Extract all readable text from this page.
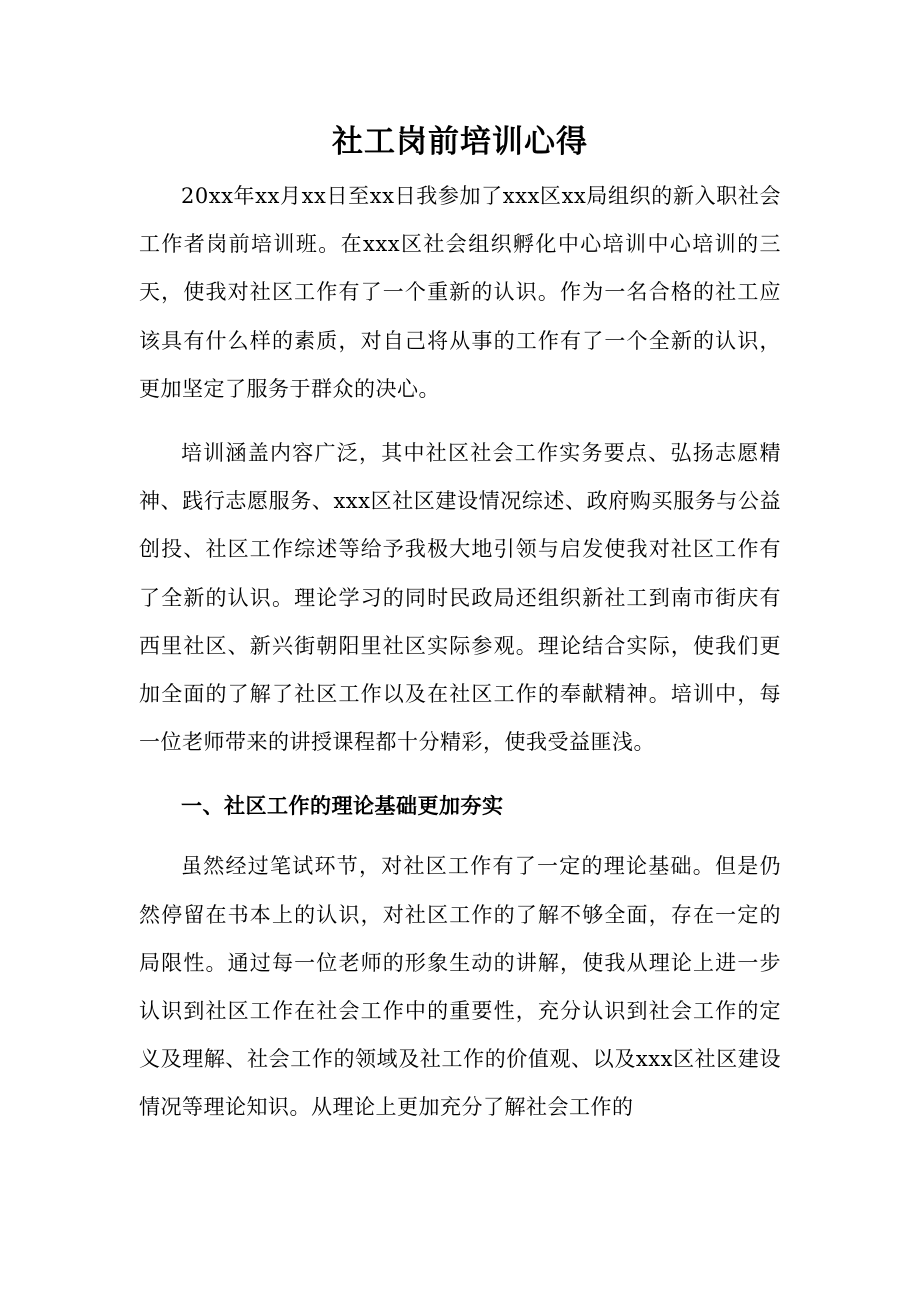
社工岗前培训心得

20xx年xx月xx日至xx日我参加了xxx区xx局组织的新入职社会工作者岗前培训班。在xxx区社会组织孵化中心培训中心培训的三天，使我对社区工作有了一个重新的认识。作为一名合格的社工应该具有什么样的素质，对自己将从事的工作有了一个全新的认识，更加坚定了服务于群众的决心。

培训涵盖内容广泛，其中社区社会工作实务要点、弘扬志愿精神、践行志愿服务、xxx区社区建设情况综述、政府购买服务与公益创投、社区工作综述等给予我极大地引领与启发使我对社区工作有了全新的认识。理论学习的同时民政局还组织新社工到南市街庆有西里社区、新兴街朝阳里社区实际参观。理论结合实际，使我们更加全面的了解了社区工作以及在社区工作的奉献精神。培训中，每一位老师带来的讲授课程都十分精彩，使我受益匪浅。

一、社区工作的理论基础更加夯实

虽然经过笔试环节，对社区工作有了一定的理论基础。但是仍然停留在书本上的认识，对社区工作的了解不够全面，存在一定的局限性。通过每一位老师的形象生动的讲解，使我从理论上进一步认识到社区工作在社会工作中的重要性，充分认识到社会工作的定义及理解、社会工作的领域及社工作的价值观、以及xxx区社区建设情况等理论知识。从理论上更加充分了解社会工作的
